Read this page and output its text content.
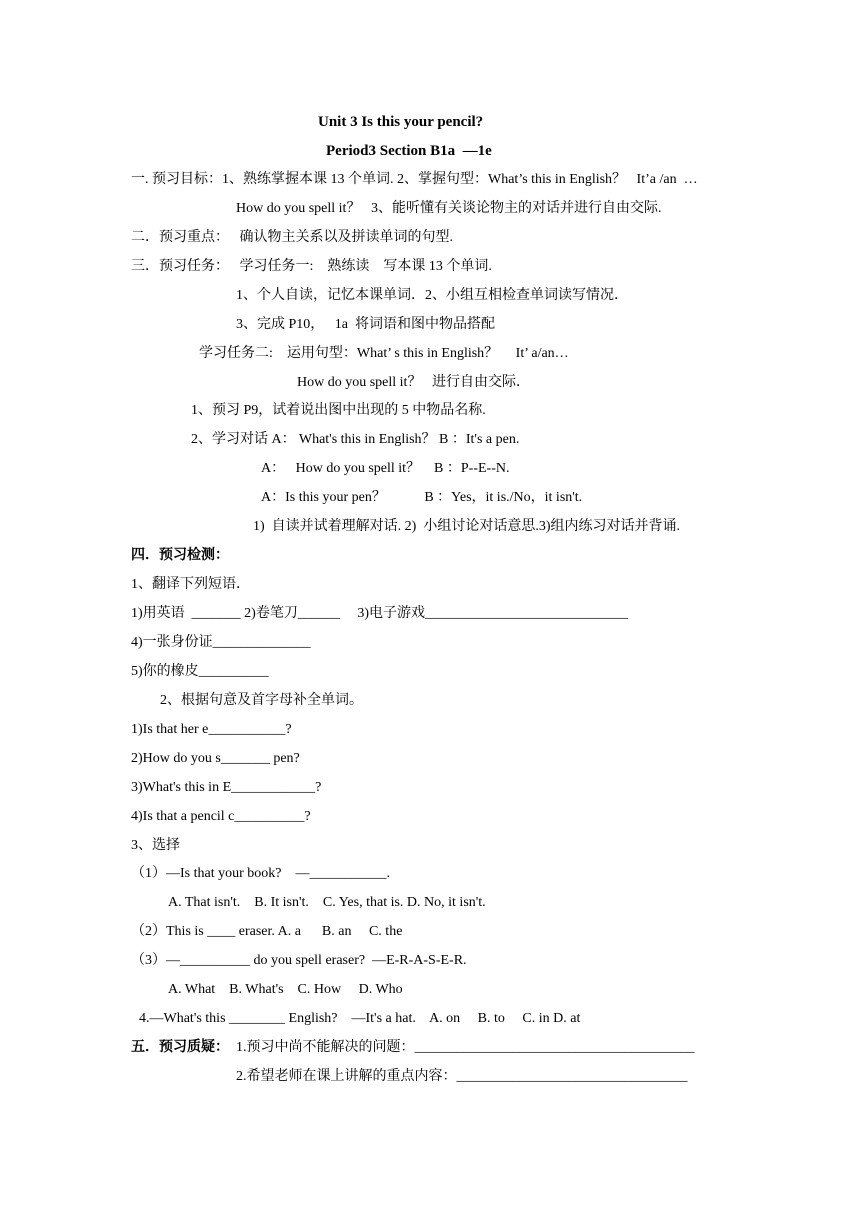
Unit 3 Is this your pencil?
Period3 Section B1a  —1e
一. 预习目标：1、熟练掌握本课 13 个单词. 2、掌握句型：What’s this in English？   It’a /an  …
How do you spell it？   3、能听懂有关谈论物主的对话并进行自由交际.
二．预习重点：   确认物主关系以及拼读单词的句型.
三．预习任务：   学习任务一:    熟练读    写本课 13 个单词.
1、个人自读，记忆本课单词．2、小组互相检查单词读写情况．
3、完成 P10，   1a  将词语和图中物品搭配
学习任务二:    运用句型：What’ s this in English？     It’ a/an…
How do you spell it？   进行自由交际．
1、预习 P9，试着说出图中出现的 5 中物品名称.
2、学习对话 A： What's this in English？ B ：It's a pen.
A：   How do you spell it？    B ：P--E--N.
A：Is this your pen？           B ：Yes，it is./No，it isn't.
1)  自读并试着理解对话. 2)  小组讨论对话意思.3)组内练习对话并背诵.
四．预习检测：
1、翻译下列短语．
1)用英语  _______ 2)卷笔刀______     3)电子游戏_____________________________
4)一张身份证______________
5)你的橡皮__________
2、根据句意及首字母补全单词。
1)Is that her e___________?
2)How do you s_______ pen?
3)What's this in E____________?
4)Is that a pencil c__________?
3、选择
（1）—Is that your book?    —___________.
A. That isn't.    B. It isn't.    C. Yes, that is. D. No, it isn't.
（2）This is ____ eraser. A. a      B. an     C. the
（3）—__________ do you spell eraser?  —E-R-A-S-E-R.
A. What    B. What's    C. How     D. Who
4.—What's this ________ English?    —It's a hat.    A. on     B. to     C. in D. at
五．预习质疑： 1.预习中尚不能解决的问题：________________________________________
2.希望老师在课上讲解的重点内容：_________________________________
